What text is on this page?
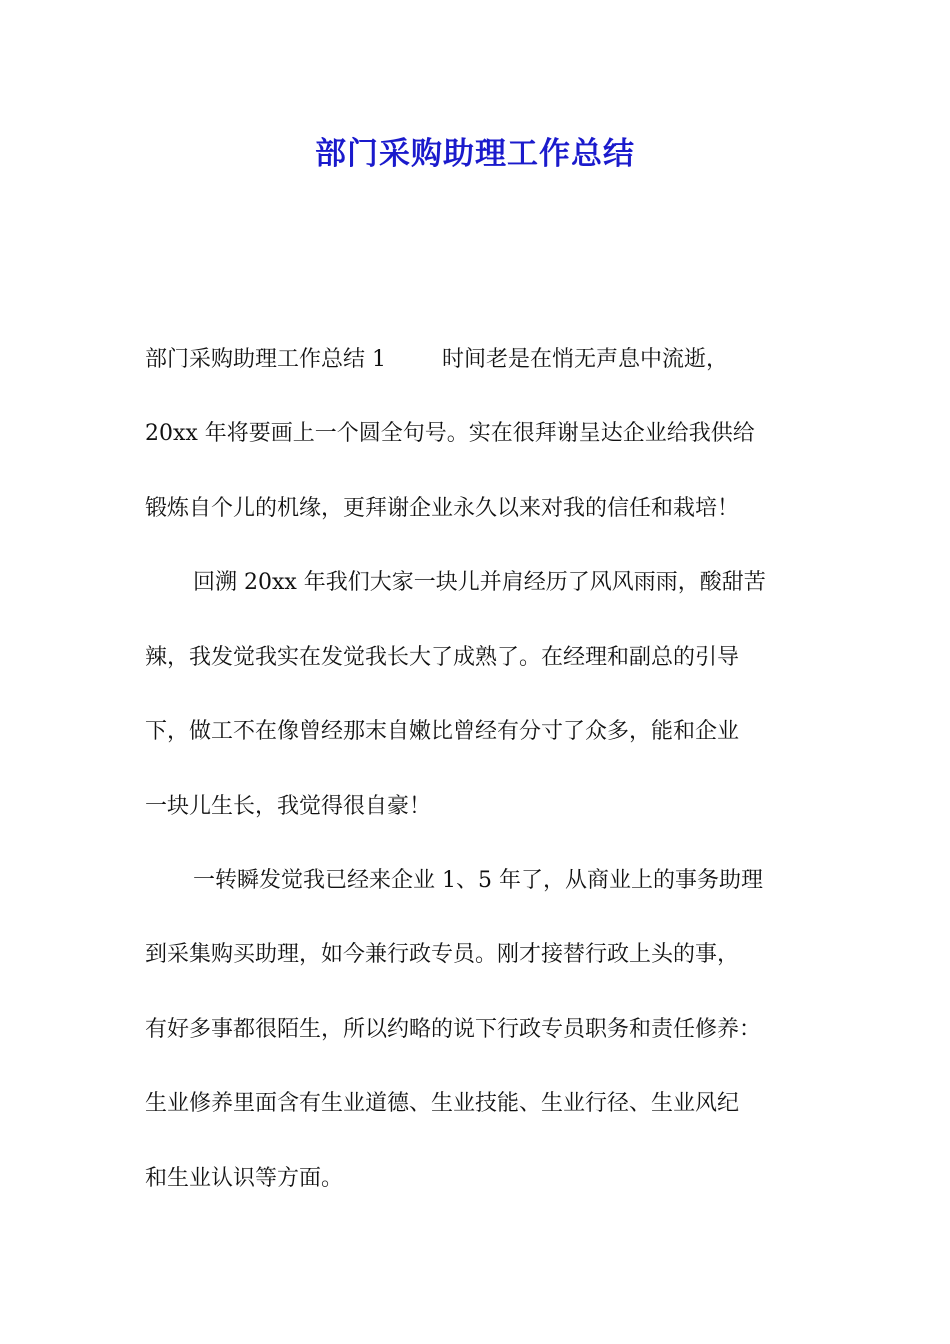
部门采购助理工作总结
部门采购助理工作总结 1	时间老是在悄无声息中流逝，
20xx 年将要画上一个圆全句号。实在很拜谢呈达企业给我供给
锻炼自个儿的机缘，更拜谢企业永久以来对我的信任和栽培！
回溯 20xx 年我们大家一块儿并肩经历了风风雨雨，酸甜苦
辣，我发觉我实在发觉我长大了成熟了。在经理和副总的引导
下，做工不在像曾经那末自嫩比曾经有分寸了众多，能和企业
一块儿生长，我觉得很自豪！
一转瞬发觉我已经来企业 1、5 年了，从商业上的事务助理
到采集购买助理，如今兼行政专员。刚才接替行政上头的事，
有好多事都很陌生，所以约略的说下行政专员职务和责任修养：
生业修养里面含有生业道德、生业技能、生业行径、生业风纪
和生业认识等方面。
